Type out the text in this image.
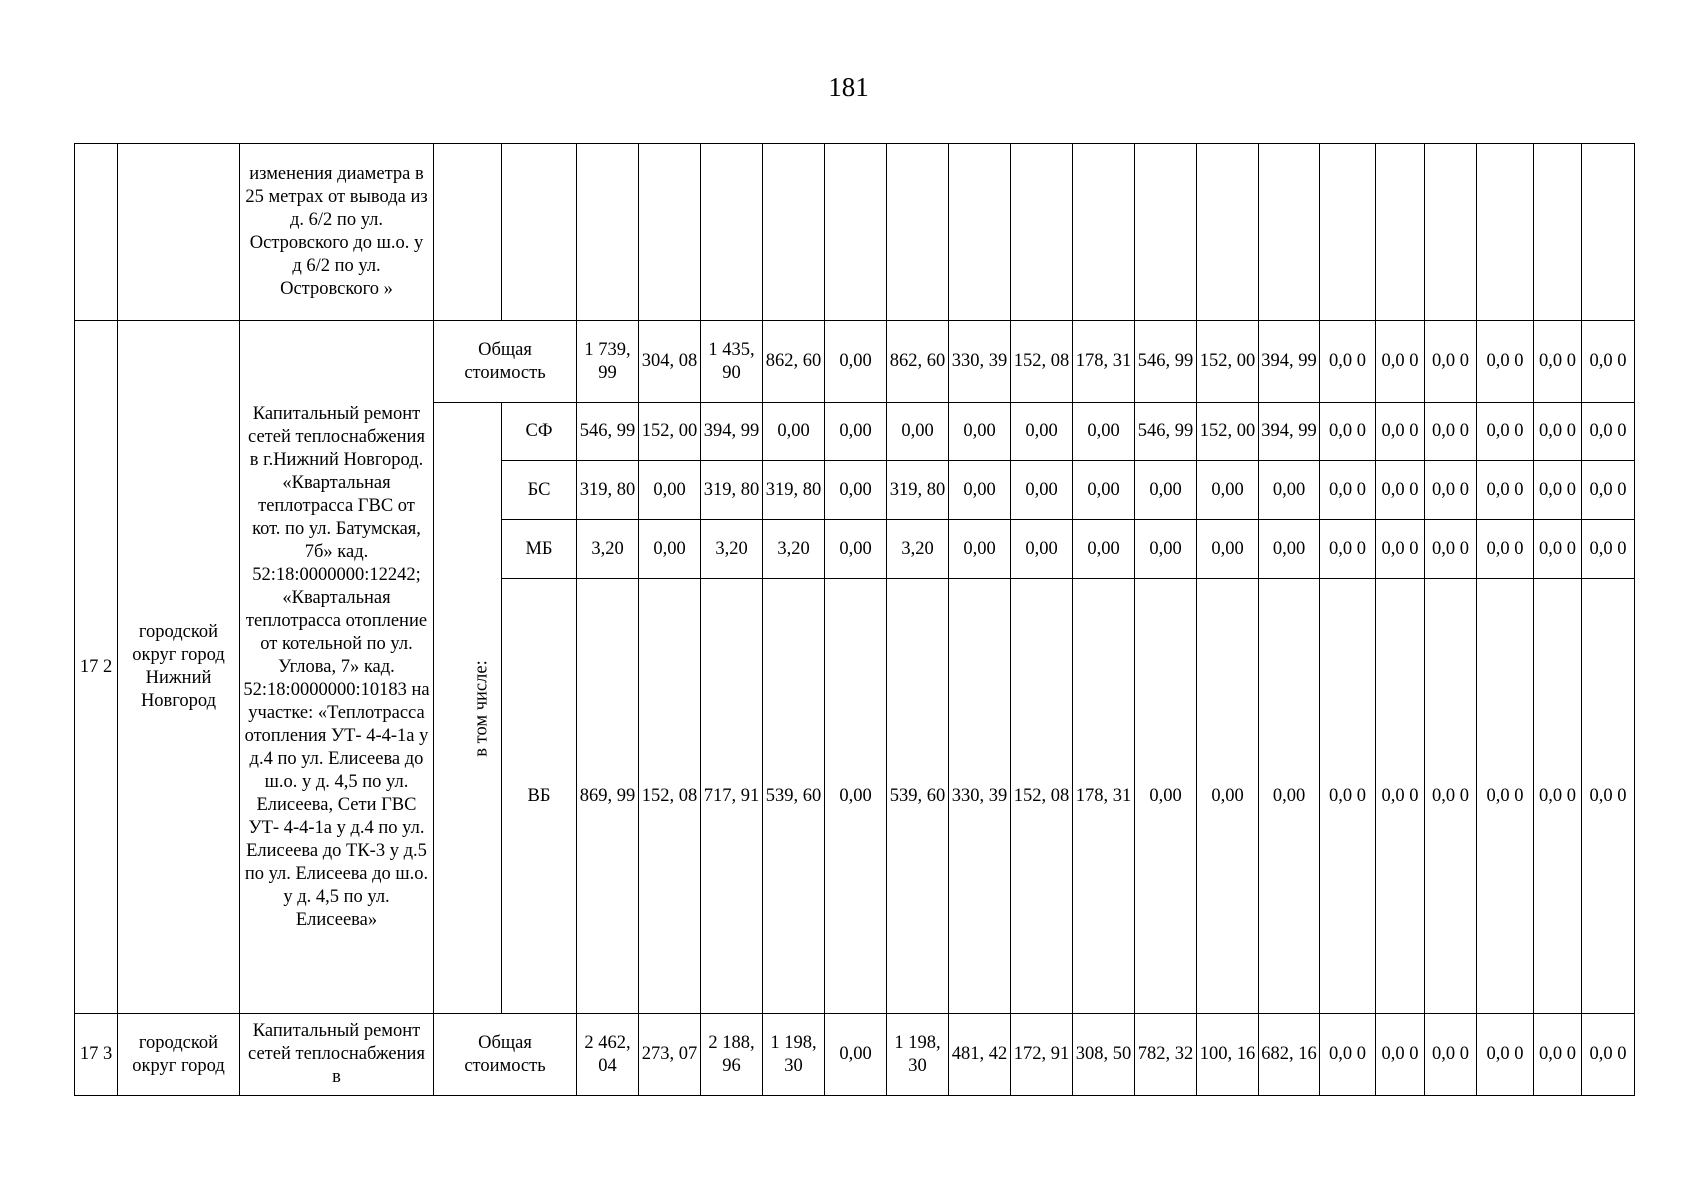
181
		изменения диаметра в 25 метрах от вывода из д. 6/2 по ул. Островского до ш.о. у д 6/2 по ул. Островского »																				
17 2	городской округ город Нижний Новгород	Капитальный ремонт сетей теплоснабжения в г.Нижний Новгород. «Квартальная теплотрасса ГВС от кот. по ул. Батумская, 7б» кад. 52:18:0000000:12242; «Квартальная теплотрасса отопление от котельной по ул. Углова, 7» кад. 52:18:0000000:10183 на участке: «Теплотрасса отопления УТ- 4-4-1а у д.4 по ул. Елисеева до ш.о. у д. 4,5 по ул. Елисеева, Сети ГВС УТ- 4-4-1а у д.4 по ул. Елисеева до ТК-3 у д.5 по ул. Елисеева до ш.о. у д. 4,5 по ул. Елисеева»	Общая стоимость		1 739, 99	304, 08	1 435, 90	862, 60	0,00	862, 60	330, 39	152, 08	178, 31	546, 99	152, 00	394, 99	0,0 0	0,0 0	0,0 0	0,0 0	0,0 0	0,0 0
			в том числе:	СФ	546, 99	152, 00	394, 99	0,00	0,00	0,00	0,00	0,00	0,00	546, 99	152, 00	394, 99	0,0 0	0,0 0	0,0 0	0,0 0	0,0 0	0,0 0
				БС	319, 80	0,00	319, 80	319, 80	0,00	319, 80	0,00	0,00	0,00	0,00	0,00	0,00	0,0 0	0,0 0	0,0 0	0,0 0	0,0 0	0,0 0
				МБ	3,20	0,00	3,20	3,20	0,00	3,20	0,00	0,00	0,00	0,00	0,00	0,00	0,0 0	0,0 0	0,0 0	0,0 0	0,0 0	0,0 0
				ВБ	869, 99	152, 08	717, 91	539, 60	0,00	539, 60	330, 39	152, 08	178, 31	0,00	0,00	0,00	0,0 0	0,0 0	0,0 0	0,0 0	0,0 0	0,0 0
17 3	городской округ город	Капитальный ремонт сетей теплоснабжения в	Общая стоимость		2 462, 04	273, 07	2 188, 96	1 198, 30	0,00	1 198, 30	481, 42	172, 91	308, 50	782, 32	100, 16	682, 16	0,0 0	0,0 0	0,0 0	0,0 0	0,0 0	0,0 0
